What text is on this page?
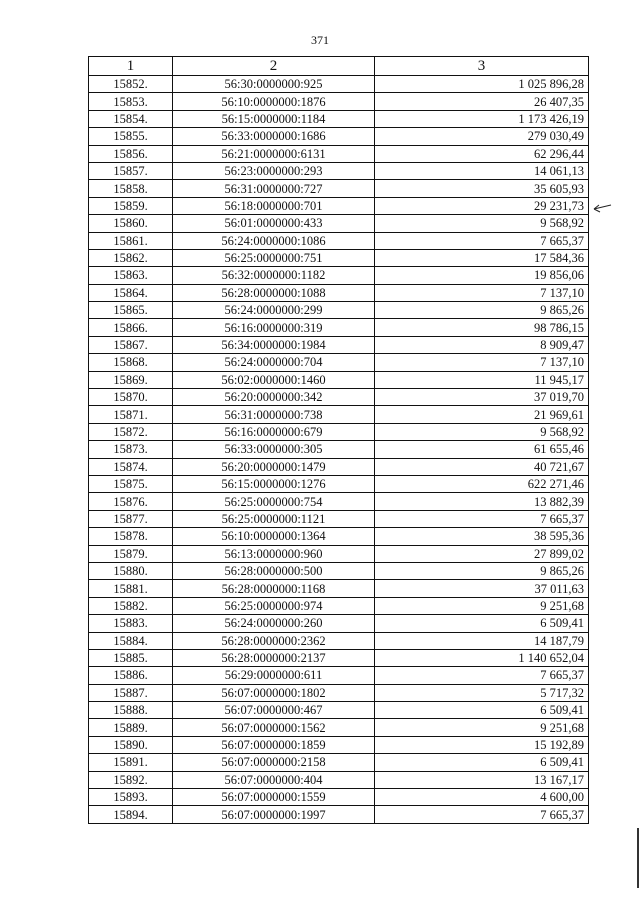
371
1	2	3
15852.	56:30:0000000:925	1 025 896,28
15853.	56:10:0000000:1876	26 407,35
15854.	56:15:0000000:1184	1 173 426,19
15855.	56:33:0000000:1686	279 030,49
15856.	56:21:0000000:6131	62 296,44
15857.	56:23:0000000:293	14 061,13
15858.	56:31:0000000:727	35 605,93
15859.	56:18:0000000:701	29 231,73
15860.	56:01:0000000:433	9 568,92
15861.	56:24:0000000:1086	7 665,37
15862.	56:25:0000000:751	17 584,36
15863.	56:32:0000000:1182	19 856,06
15864.	56:28:0000000:1088	7 137,10
15865.	56:24:0000000:299	9 865,26
15866.	56:16:0000000:319	98 786,15
15867.	56:34:0000000:1984	8 909,47
15868.	56:24:0000000:704	7 137,10
15869.	56:02:0000000:1460	11 945,17
15870.	56:20:0000000:342	37 019,70
15871.	56:31:0000000:738	21 969,61
15872.	56:16:0000000:679	9 568,92
15873.	56:33:0000000:305	61 655,46
15874.	56:20:0000000:1479	40 721,67
15875.	56:15:0000000:1276	622 271,46
15876.	56:25:0000000:754	13 882,39
15877.	56:25:0000000:1121	7 665,37
15878.	56:10:0000000:1364	38 595,36
15879.	56:13:0000000:960	27 899,02
15880.	56:28:0000000:500	9 865,26
15881.	56:28:0000000:1168	37 011,63
15882.	56:25:0000000:974	9 251,68
15883.	56:24:0000000:260	6 509,41
15884.	56:28:0000000:2362	14 187,79
15885.	56:28:0000000:2137	1 140 652,04
15886.	56:29:0000000:611	7 665,37
15887.	56:07:0000000:1802	5 717,32
15888.	56:07:0000000:467	6 509,41
15889.	56:07:0000000:1562	9 251,68
15890.	56:07:0000000:1859	15 192,89
15891.	56:07:0000000:2158	6 509,41
15892.	56:07:0000000:404	13 167,17
15893.	56:07:0000000:1559	4 600,00
15894.	56:07:0000000:1997	7 665,37
